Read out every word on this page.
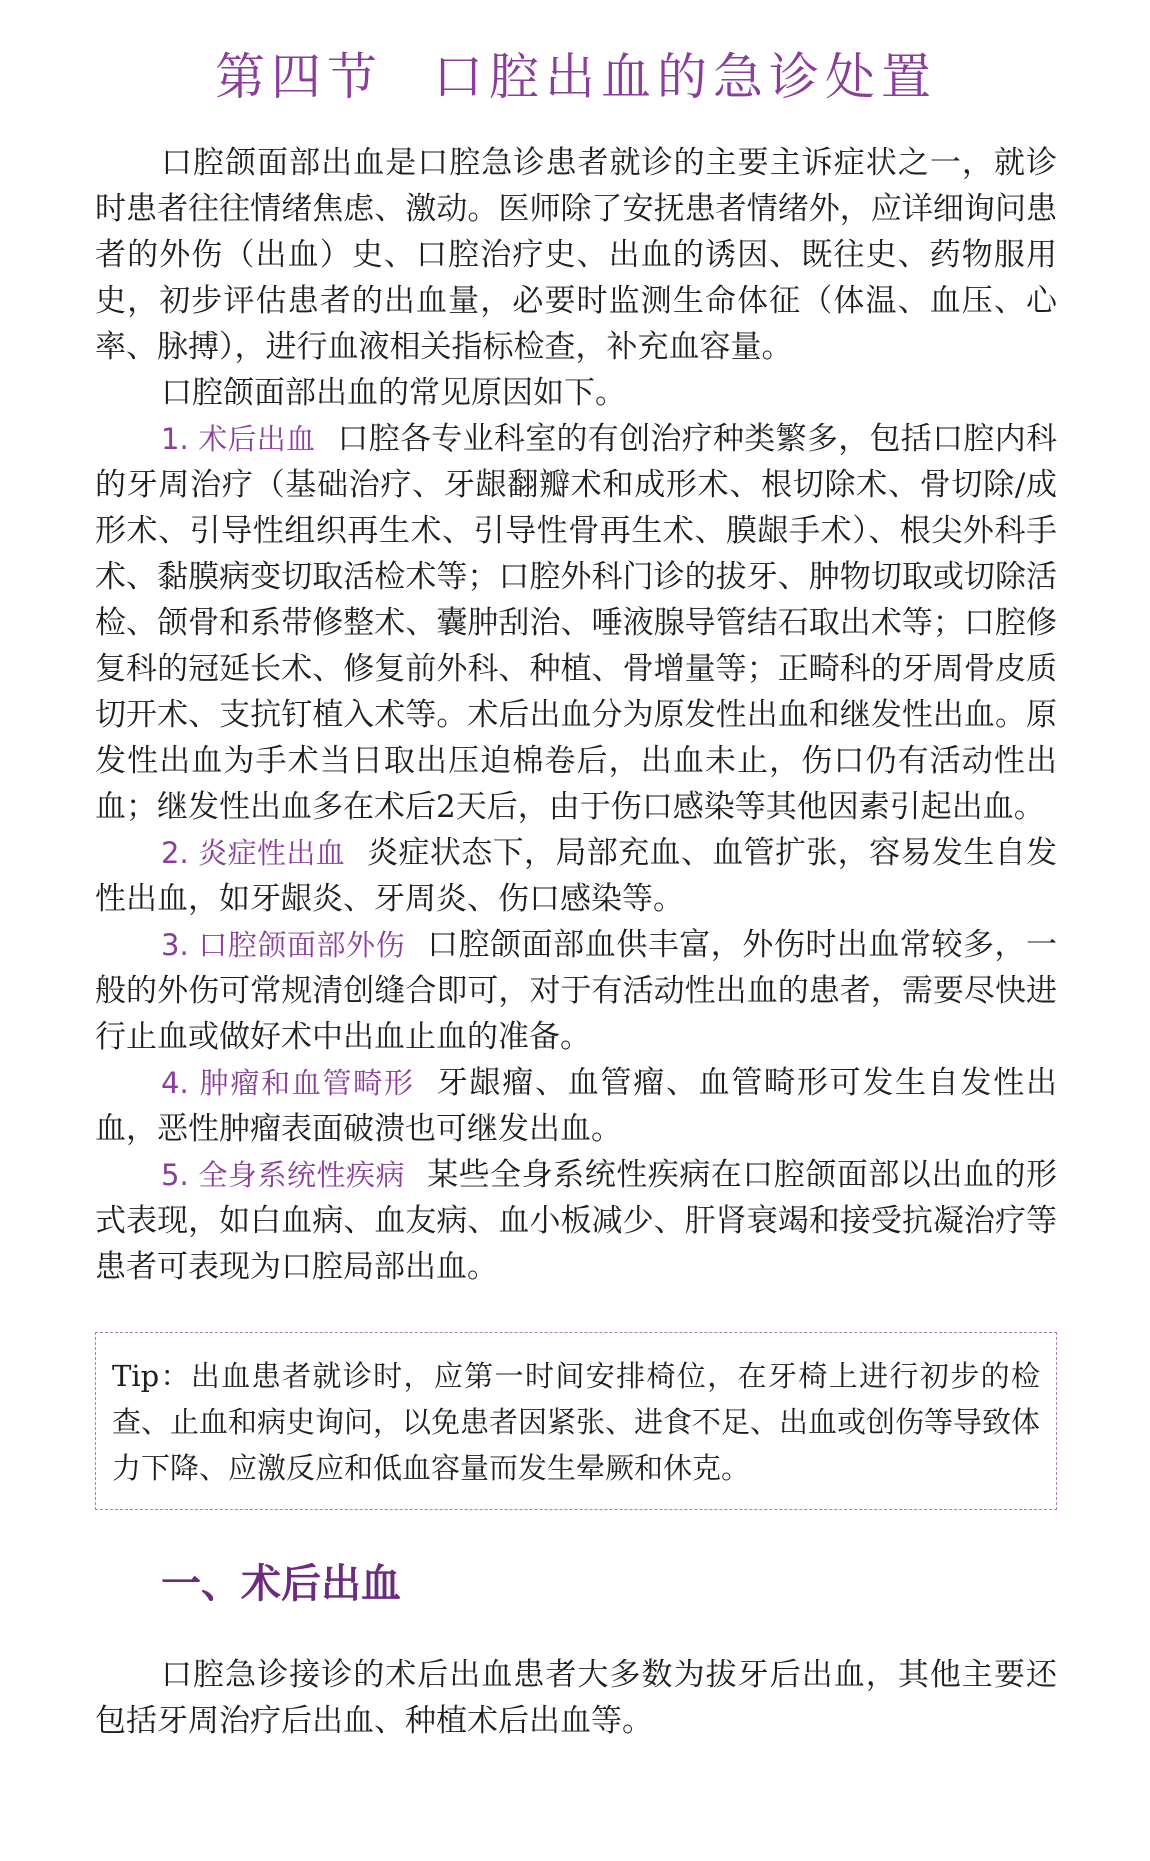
第四节 口腔出血的急诊处置

口腔颌面部出血是口腔急诊患者就诊的主要主诉症状之一，就诊时患者往往情绪焦虑、激动。医师除了安抚患者情绪外，应详细询问患者的外伤（出血）史、口腔治疗史、出血的诱因、既往史、药物服用史，初步评估患者的出血量，必要时监测生命体征（体温、血压、心率、脉搏），进行血液相关指标检查，补充血容量。

口腔颌面部出血的常见原因如下。

1. 术后出血 口腔各专业科室的有创治疗种类繁多，包括口腔内科的牙周治疗（基础治疗、牙龈翻瓣术和成形术、根切除术、骨切除/成形术、引导性组织再生术、引导性骨再生术、膜龈手术）、根尖外科手术、黏膜病变切取活检术等；口腔外科门诊的拔牙、肿物切取或切除活检、颌骨和系带修整术、囊肿刮治、唾液腺导管结石取出术等；口腔修复科的冠延长术、修复前外科、种植、骨增量等；正畸科的牙周骨皮质切开术、支抗钉植入术等。术后出血分为原发性出血和继发性出血。原发性出血为手术当日取出压迫棉卷后，出血未止，伤口仍有活动性出血；继发性出血多在术后2天后，由于伤口感染等其他因素引起出血。

2. 炎症性出血 炎症状态下，局部充血、血管扩张，容易发生自发性出血，如牙龈炎、牙周炎、伤口感染等。

3. 口腔颌面部外伤 口腔颌面部血供丰富，外伤时出血常较多，一般的外伤可常规清创缝合即可，对于有活动性出血的患者，需要尽快进行止血或做好术中出血止血的准备。

4. 肿瘤和血管畸形 牙龈瘤、血管瘤、血管畸形可发生自发性出血，恶性肿瘤表面破溃也可继发出血。

5. 全身系统性疾病 某些全身系统性疾病在口腔颌面部以出血的形式表现，如白血病、血友病、血小板减少、肝肾衰竭和接受抗凝治疗等患者可表现为口腔局部出血。

Tip：出血患者就诊时，应第一时间安排椅位，在牙椅上进行初步的检查、止血和病史询问，以免患者因紧张、进食不足、出血或创伤等导致体力下降、应激反应和低血容量而发生晕厥和休克。
一、术后出血

口腔急诊接诊的术后出血患者大多数为拔牙后出血，其他主要还包括牙周治疗后出血、种植术后出血等。
